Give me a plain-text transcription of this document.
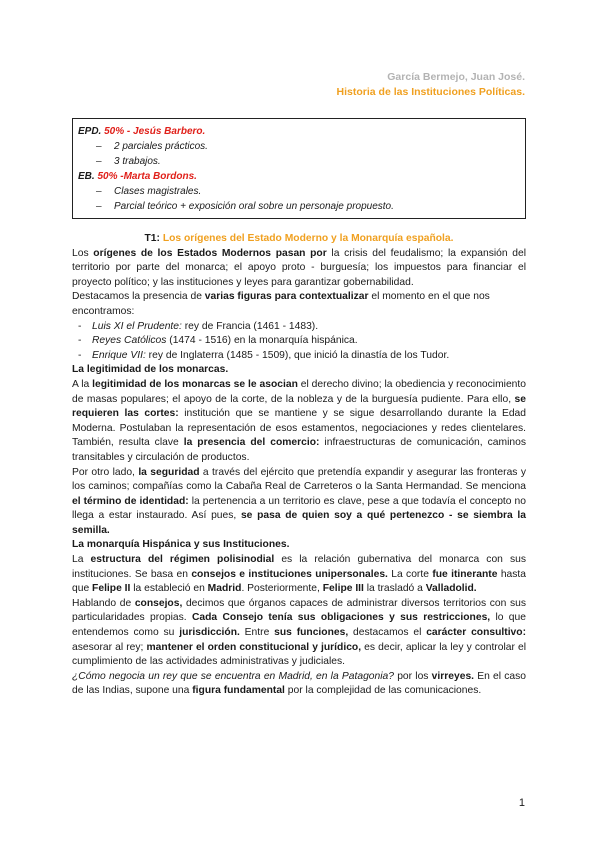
García Bermejo, Juan José.
Historia de las Instituciones Políticas.
EPD. 50% - Jesús Barbero.
– 2 parciales prácticos.
– 3 trabajos.
EB. 50% -Marta Bordons.
– Clases magistrales.
– Parcial teórico + exposición oral sobre un personaje propuesto.

T1: Los orígenes del Estado Moderno y la Monarquía española.

Los orígenes de los Estados Modernos pasan por la crisis del feudalismo; la expansión del territorio por parte del monarca; el apoyo proto - burguesía; los impuestos para financiar el proyecto político; y las instituciones y leyes para garantizar gobernabilidad.

Destacamos la presencia de varias figuras para contextualizar el momento en el que nos encontramos:

- Luis XI el Prudente: rey de Francia (1461 - 1483).
- Reyes Católicos (1474 - 1516) en la monarquía hispánica.
- Enrique VII: rey de Inglaterra (1485 - 1509), que inició la dinastía de los Tudor.

La legitimidad de los monarcas.

A la legitimidad de los monarcas se le asocian el derecho divino; la obediencia y reconocimiento de masas populares; el apoyo de la corte, de la nobleza y de la burguesía pudiente. Para ello, se requieren las cortes: institución que se mantiene y se sigue desarrollando durante la Edad Moderna. Postulaban la representación de esos estamentos, negociaciones y redes clientelares. También, resulta clave la presencia del comercio: infraestructuras de comunicación, caminos transitables y circulación de productos.

Por otro lado, la seguridad a través del ejército que pretendía expandir y asegurar las fronteras y los caminos; compañías como la Cabaña Real de Carreteros o la Santa Hermandad. Se menciona el término de identidad: la pertenencia a un territorio es clave, pese a que todavía el concepto no llega a estar instaurado. Así pues, se pasa de quien soy a qué pertenezco - se siembra la semilla.

La monarquía Hispánica y sus Instituciones.

La estructura del régimen polisinodial es la relación gubernativa del monarca con sus instituciones. Se basa en consejos e instituciones unipersonales. La corte fue itinerante hasta que Felipe II la estableció en Madrid. Posteriormente, Felipe III la trasladó a Valladolid.

Hablando de consejos, decimos que órganos capaces de administrar diversos territorios con sus particularidades propias. Cada Consejo tenía sus obligaciones y sus restricciones, lo que entendemos como su jurisdicción. Entre sus funciones, destacamos el carácter consultivo: asesorar al rey; mantener el orden constitucional y jurídico, es decir, aplicar la ley y controlar el cumplimiento de las actividades administrativas y judiciales.

¿Cómo negocia un rey que se encuentra en Madrid, en la Patagonia? por los virreyes. En el caso de las Indias, supone una figura fundamental por la complejidad de las comunicaciones.

1
